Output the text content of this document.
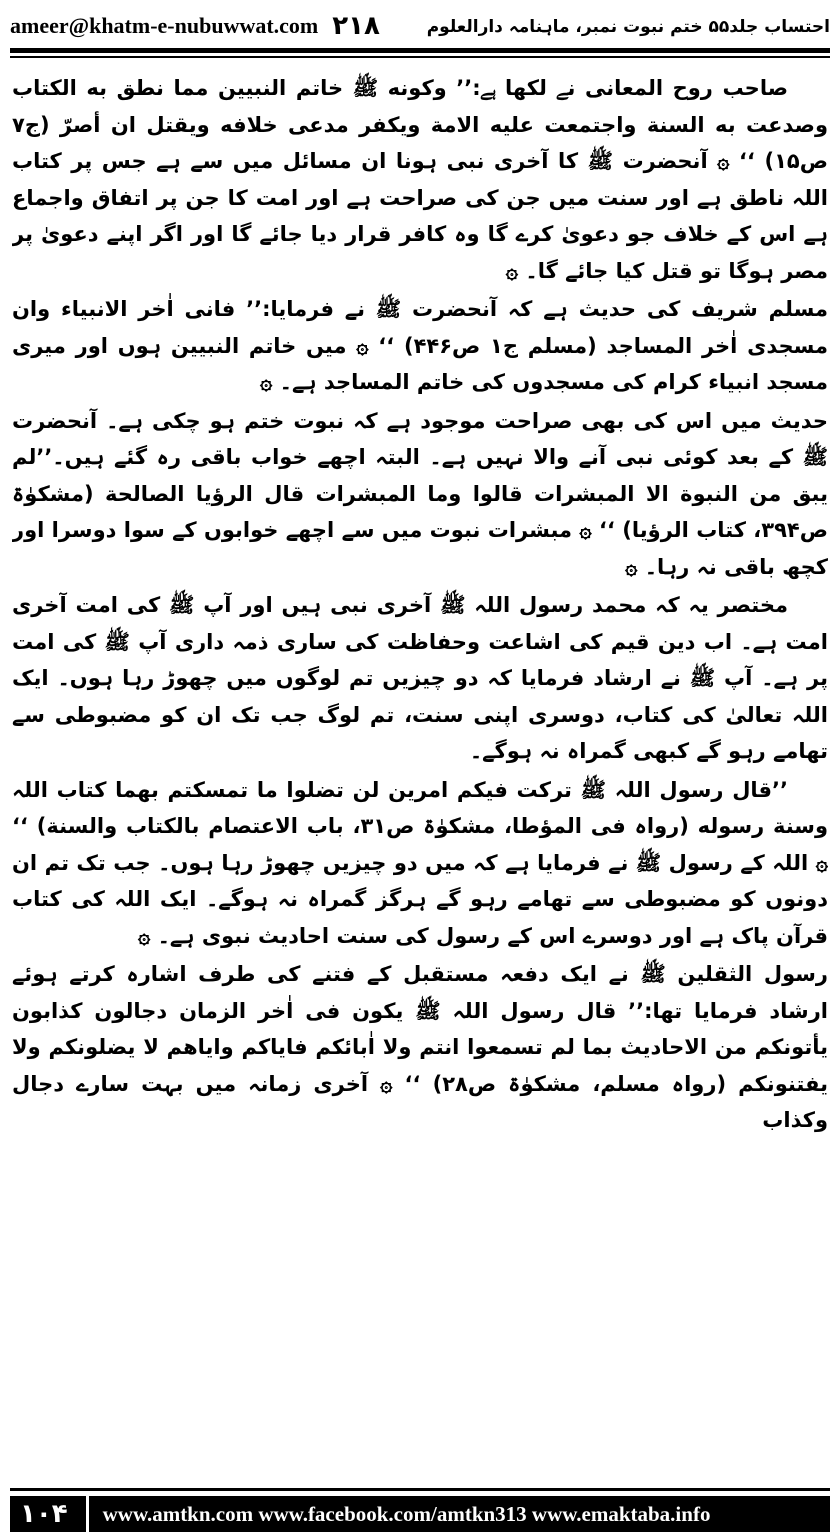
ameer@khatm-e-nubuwwat.com ۲۱۸	احتساب جلد۵۵ ختم نبوت نمبر، ماہنامہ دارالعلوم

صاحب روح المعانی نے لکھا ہے:’’ وکونه ﷺ خاتم النبیین مما نطق به الکتاب وصدعت به السنة واجتمعت علیه الامة ویکفر مدعی خلافه ویقتل ان أصرّ (ج۷ ص۱۵) ‘‘ ۞ آنحضرت ﷺ کا آخری نبی ہونا ان مسائل میں سے ہے جس پر کتاب اللہ ناطق ہے اور سنت میں جن کی صراحت ہے اور امت کا جن پر اتفاق واجماع ہے اس کے خلاف جو دعویٰ کرے گا وہ کافر قرار دیا جائے گا اور اگر اپنے دعویٰ پر مصر ہوگا تو قتل کیا جائے گا۔ ۞

مسلم شریف کی حدیث ہے کہ آنحضرت ﷺ نے فرمایا:’’ فانی اٰخر الانبیاء وان مسجدی اٰخر المساجد (مسلم ج۱ ص۴۴۶) ‘‘ ۞ میں خاتم النبیین ہوں اور میری مسجد انبیاء کرام کی مسجدوں کی خاتم المساجد ہے۔ ۞

حدیث میں اس کی بھی صراحت موجود ہے کہ نبوت ختم ہو چکی ہے۔ آنحضرت ﷺ کے بعد کوئی نبی آنے والا نہیں ہے۔ البتہ اچھے خواب باقی رہ گئے ہیں۔’’لم یبق من النبوة الا المبشرات قالوا وما المبشرات قال الرؤیا الصالحة (مشکوٰۃ ص۳۹۴، کتاب الرؤیا) ‘‘ ۞ مبشرات نبوت میں سے اچھے خوابوں کے سوا دوسرا اور کچھ باقی نہ رہا۔ ۞

مختصر یہ کہ محمد رسول اللہ ﷺ آخری نبی ہیں اور آپ ﷺ کی امت آخری امت ہے۔ اب دین قیم کی اشاعت وحفاظت کی ساری ذمہ داری آپ ﷺ کی امت پر ہے۔ آپ ﷺ نے ارشاد فرمایا کہ دو چیزیں تم لوگوں میں چھوڑ رہا ہوں۔ ایک اللہ تعالیٰ کی کتاب، دوسری اپنی سنت، تم لوگ جب تک ان کو مضبوطی سے تھامے رہو گے کبھی گمراہ نہ ہوگے۔

’’قال رسول اللہ ﷺ ترکت فیکم امرین لن تضلوا ما تمسکتم بهما کتاب اللہ وسنة رسوله (رواہ فی المؤطا، مشکوٰۃ ص۳۱، باب الاعتصام بالکتاب والسنة) ‘‘ ۞ اللہ کے رسول ﷺ نے فرمایا ہے کہ میں دو چیزیں چھوڑ رہا ہوں۔ جب تک تم ان دونوں کو مضبوطی سے تھامے رہو گے ہرگز گمراہ نہ ہوگے۔ ایک اللہ کی کتاب قرآن پاک ہے اور دوسرے اس کے رسول کی سنت احادیث نبوی ہے۔ ۞

رسول الثقلین ﷺ نے ایک دفعہ مستقبل کے فتنے کی طرف اشارہ کرتے ہوئے ارشاد فرمایا تھا:’’ قال رسول اللہ ﷺ یکون فی اٰخر الزمان دجالون کذابون یأتونکم من الاحادیث بما لم تسمعوا انتم ولا اٰبائکم فایاکم وایاهم لا یضلونکم ولا یفتنونکم (رواہ مسلم، مشکوٰۃ ص۲۸) ‘‘ ۞ آخری زمانہ میں بہت سارے دجال وکذاب

۱۰۴	www.amtkn.com www.facebook.com/amtkn313 www.emaktaba.info
